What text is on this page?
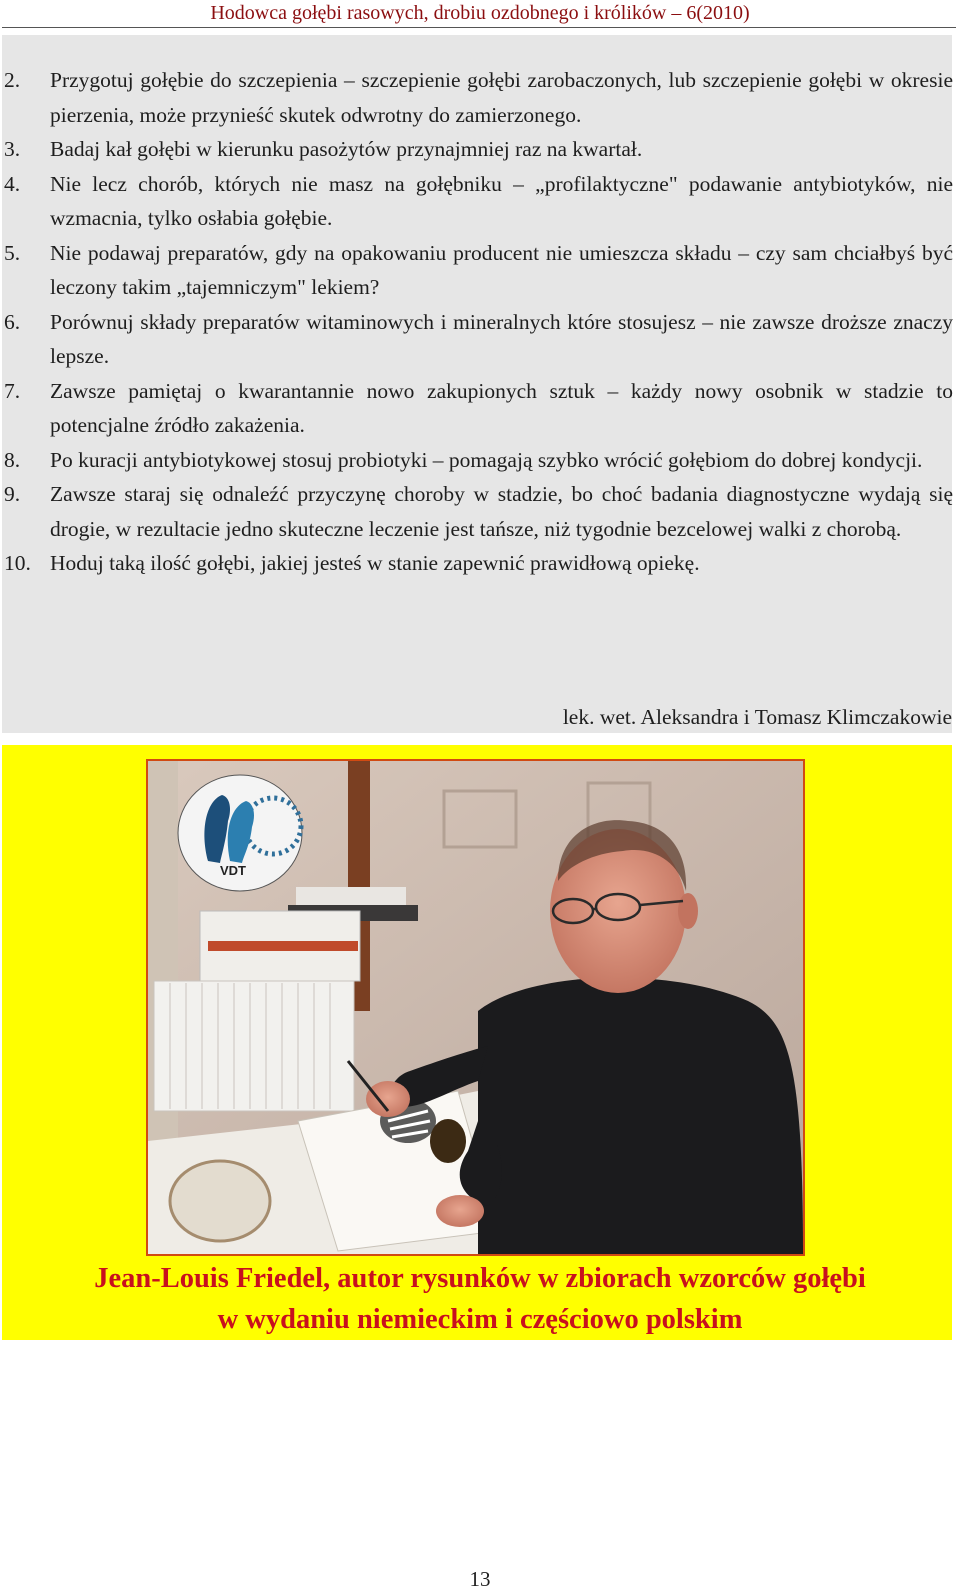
Hodowca gołębi rasowych, drobiu ozdobnego i królików – 6(2010)
2. Przygotuj gołębie do szczepienia – szczepienie gołębi zarobaczonych, lub szczepienie gołębi w okresie pierzenia, może przynieść skutek odwrotny do zamierzonego.
3. Badaj kał gołębi w kierunku pasożytów przynajmniej raz na kwartał.
4. Nie lecz chorób, których nie masz na gołębniku – „profilaktyczne" podawanie antybiotyków, nie wzmacnia, tylko osłabia gołębie.
5. Nie podawaj preparatów, gdy na opakowaniu producent nie umieszcza składu – czy sam chciałbyś być leczony takim „tajemniczym" lekiem?
6. Porównuj składy preparatów witaminowych i mineralnych które stosujesz – nie zawsze droższe znaczy lepsze.
7. Zawsze pamiętaj o kwarantannie nowo zakupionych sztuk – każdy nowy osobnik w stadzie to potencjalne źródło zakażenia.
8. Po kuracji antybiotykowej stosuj probiotyki – pomagają szybko wrócić gołębiom do dobrej kondycji.
9. Zawsze staraj się odnaleźć przyczynę choroby w stadzie, bo choć badania diagnostyczne wydają się drogie, w rezultacie jedno skuteczne leczenie jest tańsze, niż tygodnie bezcelowej walki z chorobą.
10. Hoduj taką ilość gołębi, jakiej jesteś w stanie zapewnić prawidłową opiekę.
lek. wet. Aleksandra i Tomasz Klimczakowie
VDT
Jean-Louis Friedel, autor rysunków w zbiorach wzorców gołębi
w wydaniu niemieckim i częściowo polskim
13
